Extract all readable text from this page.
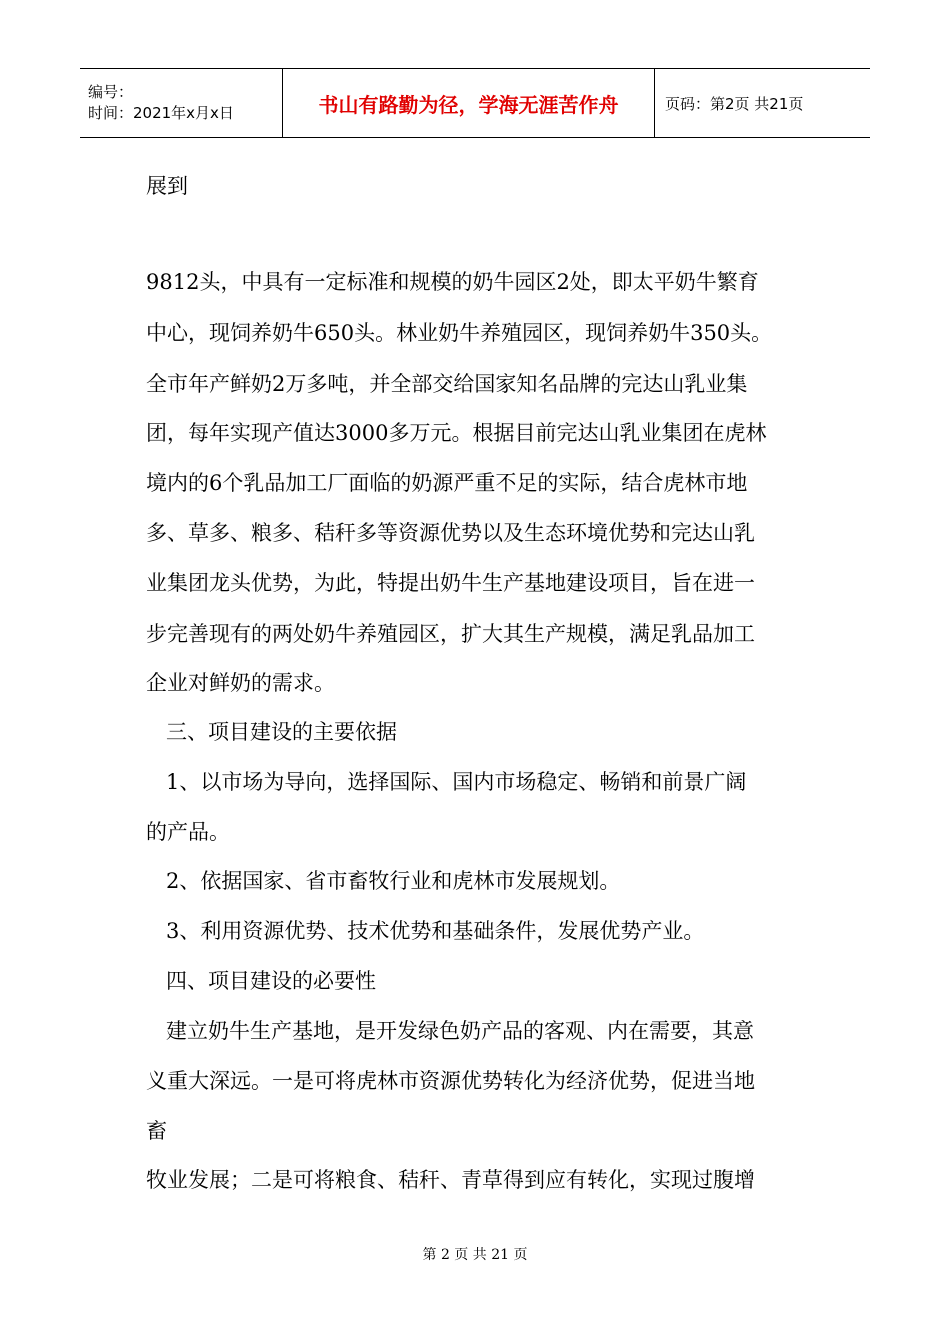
编号：
时间：2021年x月x日	书山有路勤为径，学海无涯苦作舟	页码：第2页 共21页
展到
9812头，中具有一定标准和规模的奶牛园区2处，即太平奶牛繁育
中心，现饲养奶牛650头。林业奶牛养殖园区，现饲养奶牛350头。
全市年产鲜奶2万多吨，并全部交给国家知名品牌的完达山乳业集
团，每年实现产值达3000多万元。根据目前完达山乳业集团在虎林
境内的6个乳品加工厂面临的奶源严重不足的实际，结合虎林市地
多、草多、粮多、秸秆多等资源优势以及生态环境优势和完达山乳
业集团龙头优势，为此，特提出奶牛生产基地建设项目，旨在进一
步完善现有的两处奶牛养殖园区，扩大其生产规模，满足乳品加工
企业对鲜奶的需求。
三、项目建设的主要依据
1、以市场为导向，选择国际、国内市场稳定、畅销和前景广阔
的产品。
2、依据国家、省市畜牧行业和虎林市发展规划。
3、利用资源优势、技术优势和基础条件，发展优势产业。
四、项目建设的必要性
建立奶牛生产基地，是开发绿色奶产品的客观、内在需要，其意
义重大深远。一是可将虎林市资源优势转化为经济优势，促进当地
畜
牧业发展；二是可将粮食、秸秆、青草得到应有转化，实现过腹增
第 2 页 共 21 页
